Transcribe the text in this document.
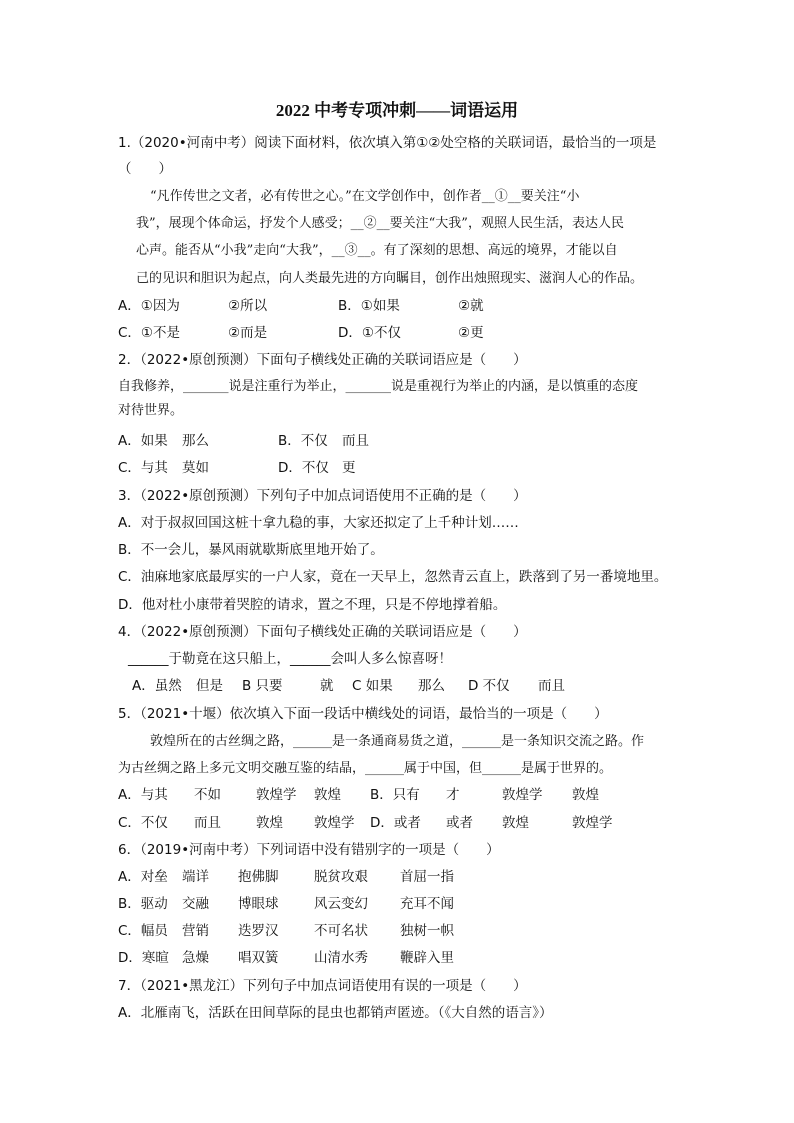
2022 中考专项冲刺——词语运用
1.（2020•河南中考）阅读下面材料，依次填入第①②处空格的关联词语，最恰当的一项是
（　　）
“凡作传世之文者，必有传世之心。”在文学创作中，创作者__①__要关注“小
我”，展现个体命运，抒发个人感受；__②__要关注“大我”，观照人民生活，表达人民
心声。能否从“小我”走向“大我”，__③__。有了深刻的思想、高远的境界，才能以自
己的见识和胆识为起点，向人类最先进的方向瞩目，创作出烛照现实、滋润人心的作品。
A．①因为	②所以	B．①如果	②就
C．①不是	②而是	D．①不仅	②更
2．（2022•原创预测）下面句子横线处正确的关联词语应是（　　）
自我修养，_______说是注重行为举止，_______说是重视行为举止的内涵，是以慎重的态度
对待世界。
A．如果 那么	B．不仅 而且
C．与其 莫如	D．不仅 更
3．（2022•原创预测）下列句子中加点词语使用不正确的是（　　）
A．对于叔叔回国这桩十拿九稳的事，大家还拟定了上千种计划……
B．不一会儿，暴风雨就歇斯底里地开始了。
C．油麻地家底最厚实的一户人家，竟在一天早上，忽然青云直上，跌落到了另一番境地里。
D．他对杜小康带着哭腔的请求，置之不理，只是不停地撑着船。
4．（2022•原创预测）下面句子横线处正确的关联词语应是（　　）
______于勒竟在这只船上，______会叫人多么惊喜呀！
A．虽然 但是 B 只要	就 C 如果 那么 D 不仅 而且
5．（2021•十堰）依次填入下面一段话中横线处的词语，最恰当的一项是（　　）
敦煌所在的古丝绸之路，______是一条通商易货之道，______是一条知识交流之路。作
为古丝绸之路上多元文明交融互鉴的结晶，______属于中国，但______是属于世界的。
A．与其 不如	敦煌学 敦煌 B．只有 才	敦煌学 敦煌
C．不仅 而且	敦煌 敦煌学 D．或者 或者 敦煌	敦煌学
6．（2019•河南中考）下列词语中没有错别字的一项是（　　）
A．对垒 端详 抱佛脚	脱贫攻艰 首屈一指
B．驱动 交融 博眼球	风云变幻 充耳不闻
C．幅员 营销 迭罗汉	不可名状 独树一帜
D．寒暄 急燥 唱双簧	山清水秀 鞭辟入里
7．（2021•黑龙江）下列句子中加点词语使用有误的一项是（　　）
A．北雁南飞，活跃在田间草际的昆虫也都销声匿迹。（《大自然的语言》）
